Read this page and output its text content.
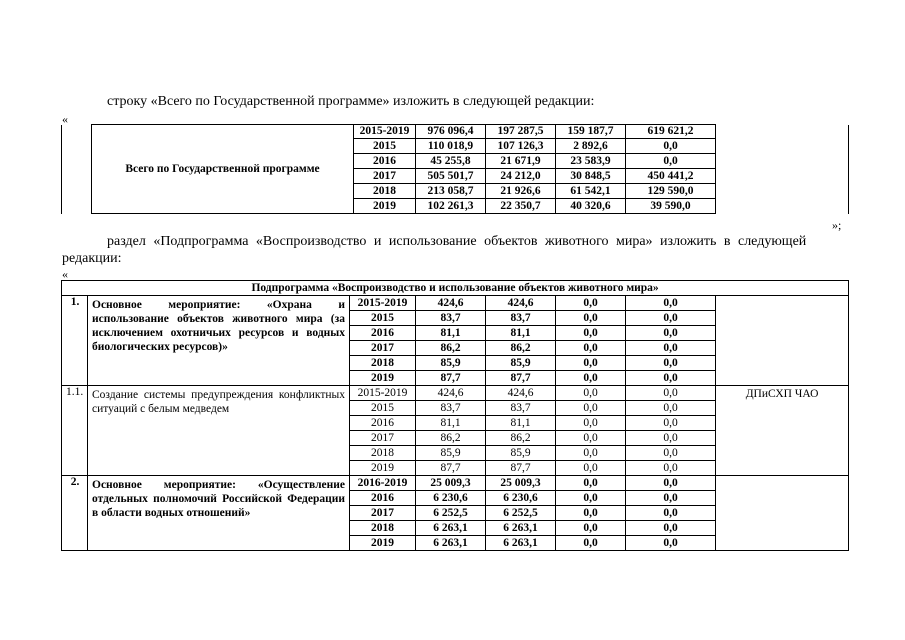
строку «Всего по Государственной программе» изложить в следующей редакции:
«
	Всего по Государственной программе	2015-2019	976 096,4	197 287,5	159 187,7	619 621,2	
		2015	110 018,9	107 126,3	2 892,6	0,0	
		2016	45 255,8	21 671,9	23 583,9	0,0	
		2017	505 501,7	24 212,0	30 848,5	450 441,2	
		2018	213 058,7	21 926,6	61 542,1	129 590,0	
		2019	102 261,3	22 350,7	40 320,6	39 590,0	
»;
раздел «Подпрограмма «Воспроизводство и использование объектов животного мира» изложить в следующей
редакции:
«
Подпрограмма «Воспроизводство и использование объектов животного мира»							
1.	Основное мероприятие: «Охрана и использование объектов животного мира (за исключением охотничьих ресурсов и водных биологических ресурсов)»	2015-2019	424,6	424,6	0,0	0,0	
		2015	83,7	83,7	0,0	0,0	
		2016	81,1	81,1	0,0	0,0	
		2017	86,2	86,2	0,0	0,0	
		2018	85,9	85,9	0,0	0,0	
		2019	87,7	87,7	0,0	0,0	
1.1.	Создание системы предупреждения конфликтных ситуаций с белым медведем	2015-2019	424,6	424,6	0,0	0,0	ДПиСХП ЧАО
		2015	83,7	83,7	0,0	0,0	
		2016	81,1	81,1	0,0	0,0	
		2017	86,2	86,2	0,0	0,0	
		2018	85,9	85,9	0,0	0,0	
		2019	87,7	87,7	0,0	0,0	
2.	Основное мероприятие: «Осуществление отдельных полномочий Российской Федерации в области водных отношений»	2016-2019	25 009,3	25 009,3	0,0	0,0	
		2016	6 230,6	6 230,6	0,0	0,0	
		2017	6 252,5	6 252,5	0,0	0,0	
		2018	6 263,1	6 263,1	0,0	0,0	
		2019	6 263,1	6 263,1	0,0	0,0	
